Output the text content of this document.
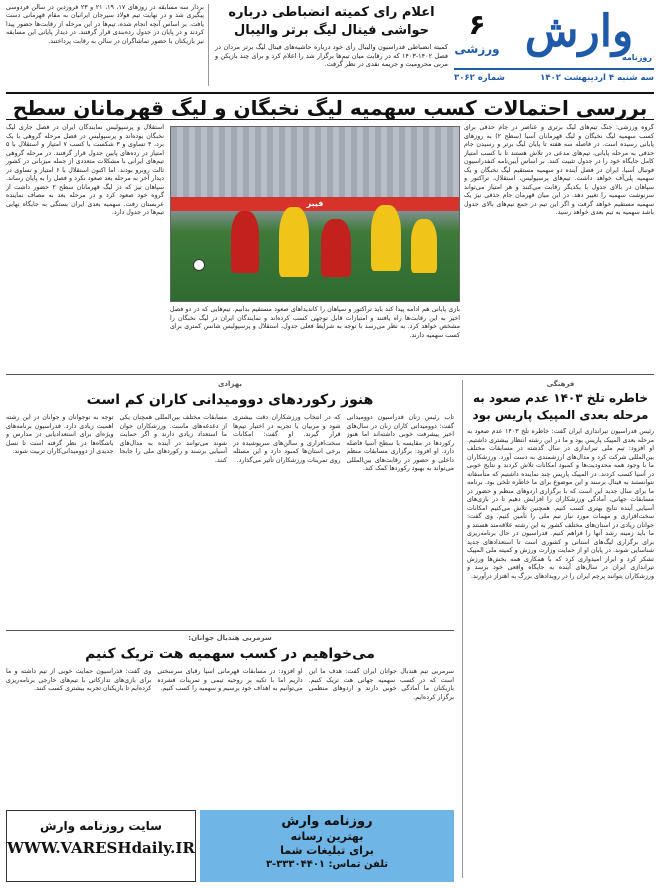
وارش
روزنامه
۶
ورزشی
سه شنبه ۴ اردیبهشت ۱۴۰۲
شماره ۳۰۶۲
اعلام رای کمیته انضباطی درباره حواشی فینال لیگ برتر والیبال
کمیته انضباطی فدراسیون والیبال رأی خود درباره حاشیه‌های فینال لیگ برتر مردان در فصل ۱۴۰۲-۱۴۰۳ که در رقابت میان تیم‌ها برگزار شد را اعلام کرد و برای چند بازیکن و مربی محرومیت و جریمه نقدی در نظر گرفت.
بردار سه مسابقه در روزهای ۱۷، ۱۹، ۲۱ و ۲۳ فروردین در سالن فردوسی پیگیری شد و در نهایت تیم فولاد سیرجان ایرانیان به مقام قهرمانی دست یافت. بر اساس آنچه انجام شده، تیم‌ها در این مرحله از رقابت‌ها حضور پیدا کردند و در پایان در جدول رده‌بندی قرار گرفتند. در دیدار پایانی این مسابقه نیز بازیکنان با حضور تماشاگران در سالن به رقابت پرداختند.
بررسی احتمالات کسب سهمیه لیگ نخبگان و لیگ قهرمانان سطح
گروه ورزشی: جنگ تیم‌های لیگ برتری و عناصر در جام حذفی برای کسب سهمیه لیگ نخبگان و لیگ قهرمانان آسیا (سطح ۲) به روزهای پایانی رسیده است. در فاصله سه هفته تا پایان لیگ برتر و رسیدن جام حذفی به مرحله پایانی، تیم‌های مدعی در تلاش هستند تا با کسب امتیاز کامل جایگاه خود را در جدول تثبیت کنند. بر اساس آیین‌نامه کنفدراسیون فوتبال آسیا، ایران در فصل آینده دو سهمیه مستقیم لیگ نخبگان و یک سهمیه پلی‌آف خواهد داشت. تیم‌های پرسپولیس، استقلال، تراکتور و سپاهان در بالای جدول با یکدیگر رقابت می‌کنند و هر امتیاز می‌تواند سرنوشت سهمیه را تغییر دهد. در این میان قهرمان جام حذفی نیز یک سهمیه مستقیم خواهد گرفت و اگر این تیم در جمع تیم‌های بالای جدول باشد سهمیه به تیم بعدی خواهد رسید.
فیبر
بازی پایانی هم ادامه پیدا کند باید تراکتور و سپاهان را کاندیداهای صعود مستقیم بدانیم. تیم‌هایی که در دو فصل اخیر به این رقابت‌ها راه یافتند و امتیازات قابل توجهی کسب کرده‌اند و نمایندگان ایران در لیگ نخبگان را مشخص خواهد کرد. به نظر می‌رسد با توجه به شرایط فعلی جدول، استقلال و پرسپولیس شانس کمتری برای کسب سهمیه دارند.
استقلال و پرسپولیس نمایندگان ایران در فصل جاری لیگ نخبگان بوده‌اند و پرسپولیس در فصل مرحله گروهی با یک برد، ۴ تساوی و ۳ شکست با کسب ۷ امتیاز و استقلال با ۵ امتیاز در رده‌های پایین جدول قرار گرفتند. در مرحله گروهی تیم‌های ایرانی با مشکلات متعددی از جمله میزبانی در کشور ثالث روبرو بودند. اما اکنون استقلال با ۶ امتیاز و تساوی در دیدار آخر به مرحله بعد صعود نکرد و فصل را به پایان رساند. سپاهان نیز که در لیگ قهرمانان سطح ۲ حضور داشت از گروه خود صعود کرد و در مرحله بعد به مصاف نماینده عربستان رفت. سهمیه بعدی ایران بستگی به جایگاه نهایی تیم‌ها در جدول دارد.
فرهنگی
خاطره تلخ ۱۴۰۳ عدم صعود به مرحله بعدی المپیک پاریس بود
رئیس فدراسیون تیراندازی ایران گفت: خاطره تلخ ۱۴۰۳ عدم صعود به مرحله بعدی المپیک پاریس بود و ما در این رشته انتظار بیشتری داشتیم. او افزود: تیم ملی تیراندازی در سال گذشته در مسابقات مختلف بین‌المللی شرکت کرد و مدال‌های ارزشمندی به دست آورد. ورزشکاران ما با وجود همه محدودیت‌ها و کمبود امکانات تلاش کردند و نتایج خوبی در آسیا کسب کردند. در المپیک پاریس چند نماینده داشتیم که متأسفانه نتوانستند به فینال برسند و این موضوع برای ما خاطره تلخی بود. برنامه ما برای سال جدید این است که با برگزاری اردوهای منظم و حضور در مسابقات جهانی، آمادگی ورزشکاران را افزایش دهیم تا در بازی‌های آسیایی آینده نتایج بهتری کسب کنیم. همچنین تلاش می‌کنیم امکانات سخت‌افزاری و مهمات مورد نیاز تیم ملی را تأمین کنیم. وی گفت: جوانان زیادی در استان‌های مختلف کشور به این رشته علاقه‌مند هستند و ما باید زمینه رشد آنها را فراهم کنیم. فدراسیون در حال برنامه‌ریزی برای برگزاری لیگ‌های استانی و کشوری است تا استعدادهای جدید شناسایی شوند. در پایان او از حمایت وزارت ورزش و کمیته ملی المپیک تشکر کرد و ابراز امیدواری کرد که با همکاری همه بخش‌ها ورزش تیراندازی ایران در سال‌های آینده به جایگاه واقعی خود برسد و ورزشکاران بتوانند پرچم ایران را در رویدادهای بزرگ به اهتزاز درآورند.
بهزادی
هنوز رکوردهای دوومیدانی کاران کم است
تاب رئیس زنان فدراسیون دوومیدانی گفت: دوومیدانی کاران زنان در سال‌های اخیر پیشرفت خوبی داشته‌اند اما هنوز رکوردها در مقایسه با سطح آسیا فاصله دارد. او افزود: برگزاری مسابقات منظم داخلی و حضور در رقابت‌های بین‌المللی می‌تواند به بهبود رکوردها کمک کند.
که در انتخاب ورزشکاران دقت بیشتری شود و مربیان با تجربه در اختیار تیم‌ها قرار گیرند. او گفت: امکانات سخت‌افزاری و سالن‌های سرپوشیده در برخی استان‌ها کمبود دارد و این مسئله روی تمرینات ورزشکاران تأثیر می‌گذارد.
مسابقات مختلف بین‌المللی همچنان یکی از دغدغه‌های ماست. ورزشکاران جوان ما استعداد زیادی دارند و اگر حمایت شوند می‌توانند در آینده به مدال‌های آسیایی برسند و رکوردهای ملی را جابجا کنند.
توجه به نوجوانان و جوانان در این رشته اهمیت زیادی دارد. فدراسیون برنامه‌های ویژه‌ای برای استعدادیابی در مدارس و باشگاه‌ها در نظر گرفته است تا نسل جدیدی از دوومیدانی‌کاران تربیت شوند.
سرمربی هندبال جوانان:
می‌خواهیم در کسب سهمیه هت تریک کنیم
سرمربی تیم هندبال جوانان ایران گفت: هدف ما این است که در کسب سهمیه جهانی هت تریک کنیم. بازیکنان ما آمادگی خوبی دارند و اردوهای منظمی برگزار کرده‌ایم.
او افزود: در مسابقات قهرمانی آسیا رقبای سرسختی داریم اما با تکیه بر روحیه تیمی و تمرینات فشرده می‌توانیم به اهداف خود برسیم و سهمیه را کسب کنیم.
وی گفت: فدراسیون حمایت خوبی از تیم داشته و ما برای بازی‌های تدارکاتی با تیم‌های خارجی برنامه‌ریزی کرده‌ایم تا بازیکنان تجربه بیشتری کسب کنند.
روزنامه وارش
بهترین رسانه
برای تبلیغات شما
تلفن تماس: ۳۳۳۰۴۴۰۱-۳
سایت روزنامه وارش
WWW.VARESHdaily.IR
